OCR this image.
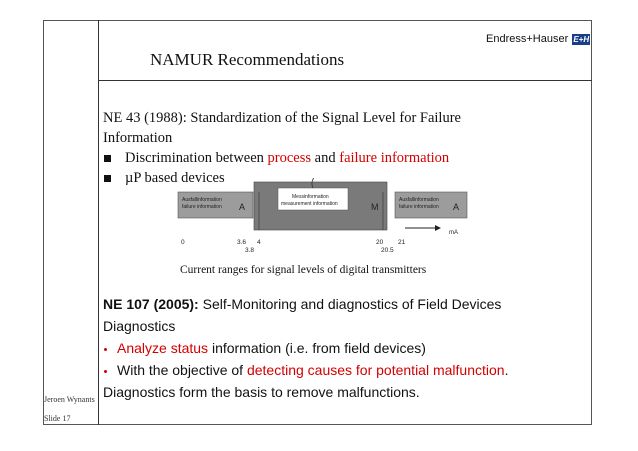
Endress+Hauser E+H
NAMUR Recommendations
NE 43 (1988): Standardization of the Signal Level for Failure
Information
Discrimination between process and failure information
µP based devices
Ausfallinformation
failure information A
Messinformation
measurement information	M
Ausfallinformation
failure information A
mA
0	3.6 4
3.8
20 21
20.5
Current ranges for signal levels of digital transmitters
NE 107 (2005): Self-Monitoring and diagnostics of Field Devices
Diagnostics
Analyze status information (i.e. from field devices)
With the objective of detecting causes for potential malfunction.
Diagnostics form the basis to remove malfunctions.
Jeroen Wynants
Slide 17
